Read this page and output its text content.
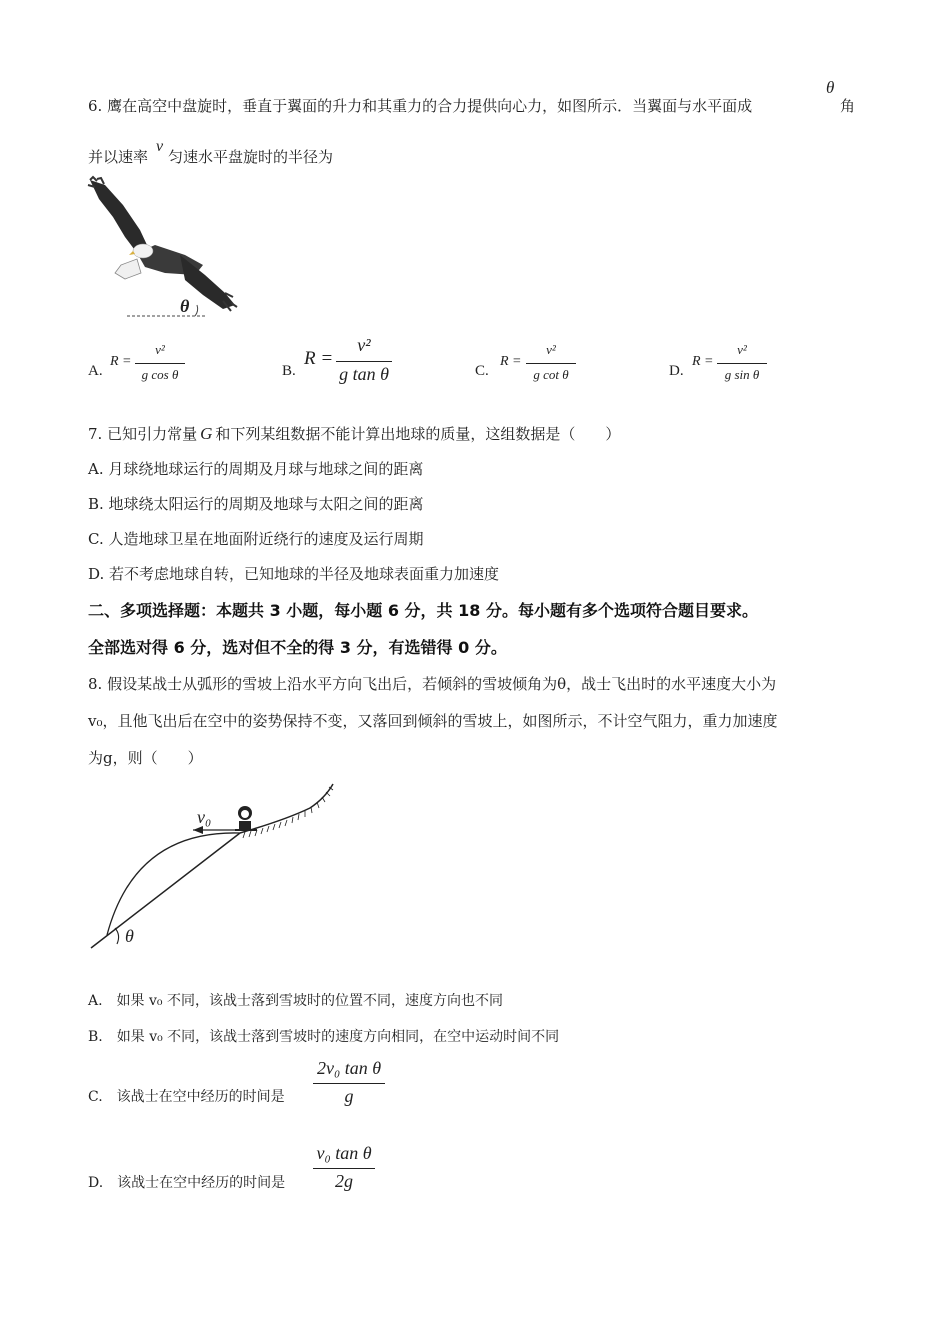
6. 鹰在高空中盘旋时，垂直于翼面的升力和其重力的合力提供向心力，如图所示．当翼面与水平面成
θ
角
并以速率
v
匀速水平盘旋时的半径为
θ
A.
R =
v²
g cos θ	B.
R =
v²
g tan θ	C.
R =
v²
g cot θ	D.
R =
v²
g sin θ
7. 已知引力常量 G 和下列某组数据不能计算出地球的质量，这组数据是（　　）
A. 月球绕地球运行的周期及月球与地球之间的距离
B. 地球绕太阳运行的周期及地球与太阳之间的距离
C. 人造地球卫星在地面附近绕行的速度及运行周期
D. 若不考虑地球自转，已知地球的半径及地球表面重力加速度
二、多项选择题：本题共 3 小题，每小题 6 分，共 18 分。每小题有多个选项符合题目要求。
全部选对得 6 分，选对但不全的得 3 分，有选错得 0 分。
8. 假设某战士从弧形的雪坡上沿水平方向飞出后，若倾斜的雪坡倾角为θ，战士飞出时的水平速度大小为
v₀，且他飞出后在空中的姿势保持不变，又落回到倾斜的雪坡上，如图所示，不计空气阻力，重力加速度
为g，则（　　）
v₀
θ
A.　如果 v₀ 不同，该战士落到雪坡时的位置不同，速度方向也不同
B.　如果 v₀ 不同，该战士落到雪坡时的速度方向相同，在空中运动时间不同
C.　该战士在空中经历的时间是
2v₀ tan θ
g
D.　该战士在空中经历的时间是
v₀ tan θ
2g
